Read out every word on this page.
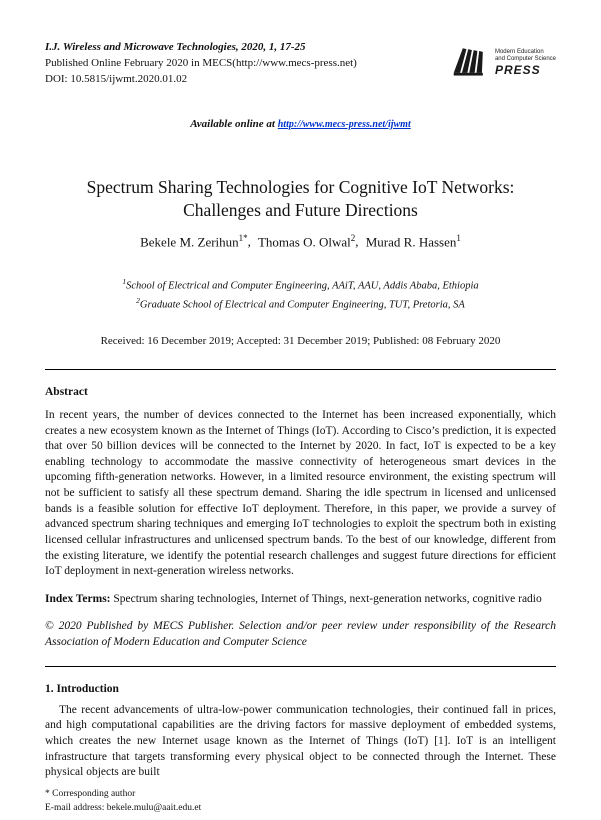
I.J. Wireless and Microwave Technologies, 2020, 1, 17-25
Published Online February 2020 in MECS(http://www.mecs-press.net)
DOI: 10.5815/ijwmt.2020.01.02
Modern Education
and Computer Science
PRESS
Available online at http://www.mecs-press.net/ijwmt
Spectrum Sharing Technologies for Cognitive IoT Networks:
Challenges and Future Directions
Bekele M. Zerihun$^{1*}$, Thomas O. Olwal$^2$, Murad R. Hassen$^1$
$^1$School of Electrical and Computer Engineering, AAiT, AAU, Addis Ababa, Ethiopia
$^2$Graduate School of Electrical and Computer Engineering, TUT, Pretoria, SA
Received: 16 December 2019; Accepted: 31 December 2019; Published: 08 February 2020
Abstract

In recent years, the number of devices connected to the Internet has been increased exponentially, which creates a new ecosystem known as the Internet of Things (IoT). According to Cisco’s prediction, it is expected that over 50 billion devices will be connected to the Internet by 2020. In fact, IoT is expected to be a key enabling technology to accommodate the massive connectivity of heterogeneous smart devices in the upcoming fifth-generation networks. However, in a limited resource environment, the existing spectrum will not be sufficient to satisfy all these spectrum demand. Sharing the idle spectrum in licensed and unlicensed bands is a feasible solution for effective IoT deployment. Therefore, in this paper, we provide a survey of advanced spectrum sharing techniques and emerging IoT technologies to exploit the spectrum both in existing licensed cellular infrastructures and unlicensed spectrum bands. To the best of our knowledge, different from the existing literature, we identify the potential research challenges and suggest future directions for efficient IoT deployment in next-generation wireless networks.

Index Terms: Spectrum sharing technologies, Internet of Things, next-generation networks, cognitive radio

© 2020 Published by MECS Publisher. Selection and/or peer review under responsibility of the Research Association of Modern Education and Computer Science

1. Introduction

The recent advancements of ultra-low-power communication technologies, their continued fall in prices, and high computational capabilities are the driving factors for massive deployment of embedded systems, which creates the new Internet usage known as the Internet of Things (IoT) [1]. IoT is an intelligent infrastructure that targets transforming every physical object to be connected through the Internet. These physical objects are built

* Corresponding author
E-mail address: bekele.mulu@aait.edu.et
